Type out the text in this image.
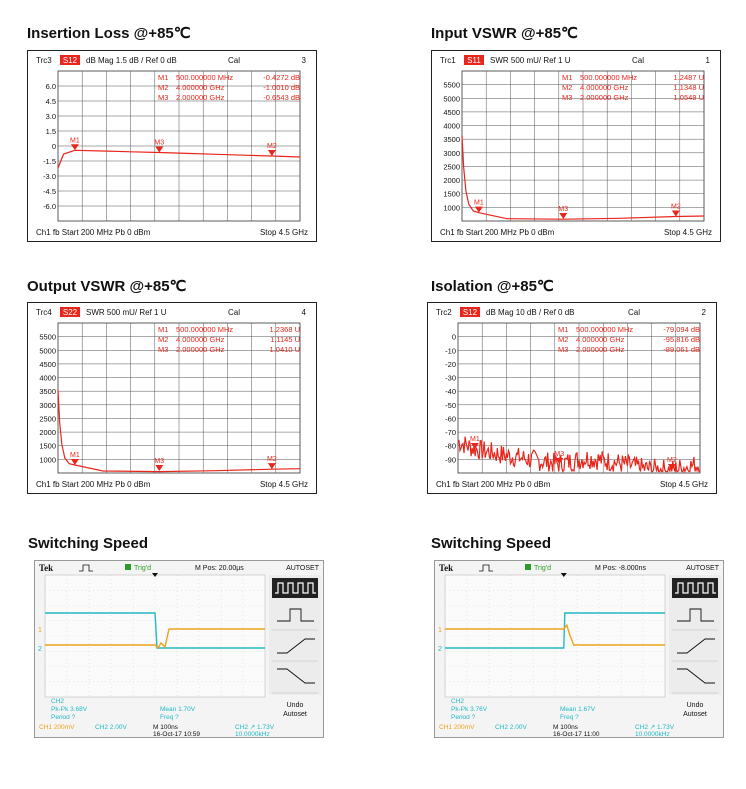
Insertion Loss @+85℃	Input VSWR @+85℃
Output VSWR @+85℃	Isolation @+85℃
Switching Speed	Switching Speed
Trc3 S12 dB Mag 1.5 dB / Ref 0 dB	Cal	3
6.0
4.5
3.0
1.5
0
-1.5
-3.0
-4.5
-6.0
M1 500.000000 MHz	-0.4272 dB
M2 4.000000 GHz	-1.0010 dB
M3 2.000000 GHz	-0.6543 dB
M1
M2
M3
Ch1 fb Start 200 MHz Pb 0 dBm	Stop 4.5 GHz
Trc1 S11 SWR 500 mU/ Ref 1 U	Cal	1
5500
5000
4500
4000
3500
3000
2500
2000
1500
1000
M1 500.000000 MHz	1.2487 U
M2 4.000000 GHz	1.1348 U
M3 2.000000 GHz	1.0549 U
M1
M2
M3
Ch1 fb Start 200 MHz Pb 0 dBm	Stop 4.5 GHz
Trc4 S22 SWR 500 mU/ Ref 1 U	Cal	4
5500
5000
4500
4000
3500
3000
2500
2000
1500
1000
M1 500.000000 MHz	1.2368 U
M2 4.000000 GHz	1.1145 U
M3 2.000000 GHz	1.0410 U
M1
M2
M3
Ch1 fb Start 200 MHz Pb 0 dBm	Stop 4.5 GHz
Trc2 S12 dB Mag 10 dB / Ref 0 dB	Cal	2
0
-10
-20
-30
-40
-50
-60
-70
-80
-90
M1 500.000000 MHz	-79.094 dB
M2 4.000000 GHz	-95.816 dB
M3 2.000000 GHz	-89.061 dB
M1
M2
M3
Ch1 fb Start 200 MHz Pb 0 dBm	Stop 4.5 GHz
Tek	Trig'd	M Pos: 20.00µs	AUTOSET
1
2
CH2
Pk-Pk 3.68V
Period ?
Mean 1.70V
Freq ?
CH1 200mV	CH2 2.00V	M 100ns
16-Oct-17 10:59
CH2 ↗ 1.73V
10.0000kHz
Undo
Autoset
Tek	Trig'd	M Pos: -8.000ns	AUTOSET
1
2
CH2
Pk-Pk 3.76V
Period ?
Mean 1.67V
Freq ?
CH1 200mV	CH2 2.00V	M 100ns
16-Oct-17 11:00
CH2 ↗ 1.73V
10.0000kHz
Undo
Autoset
